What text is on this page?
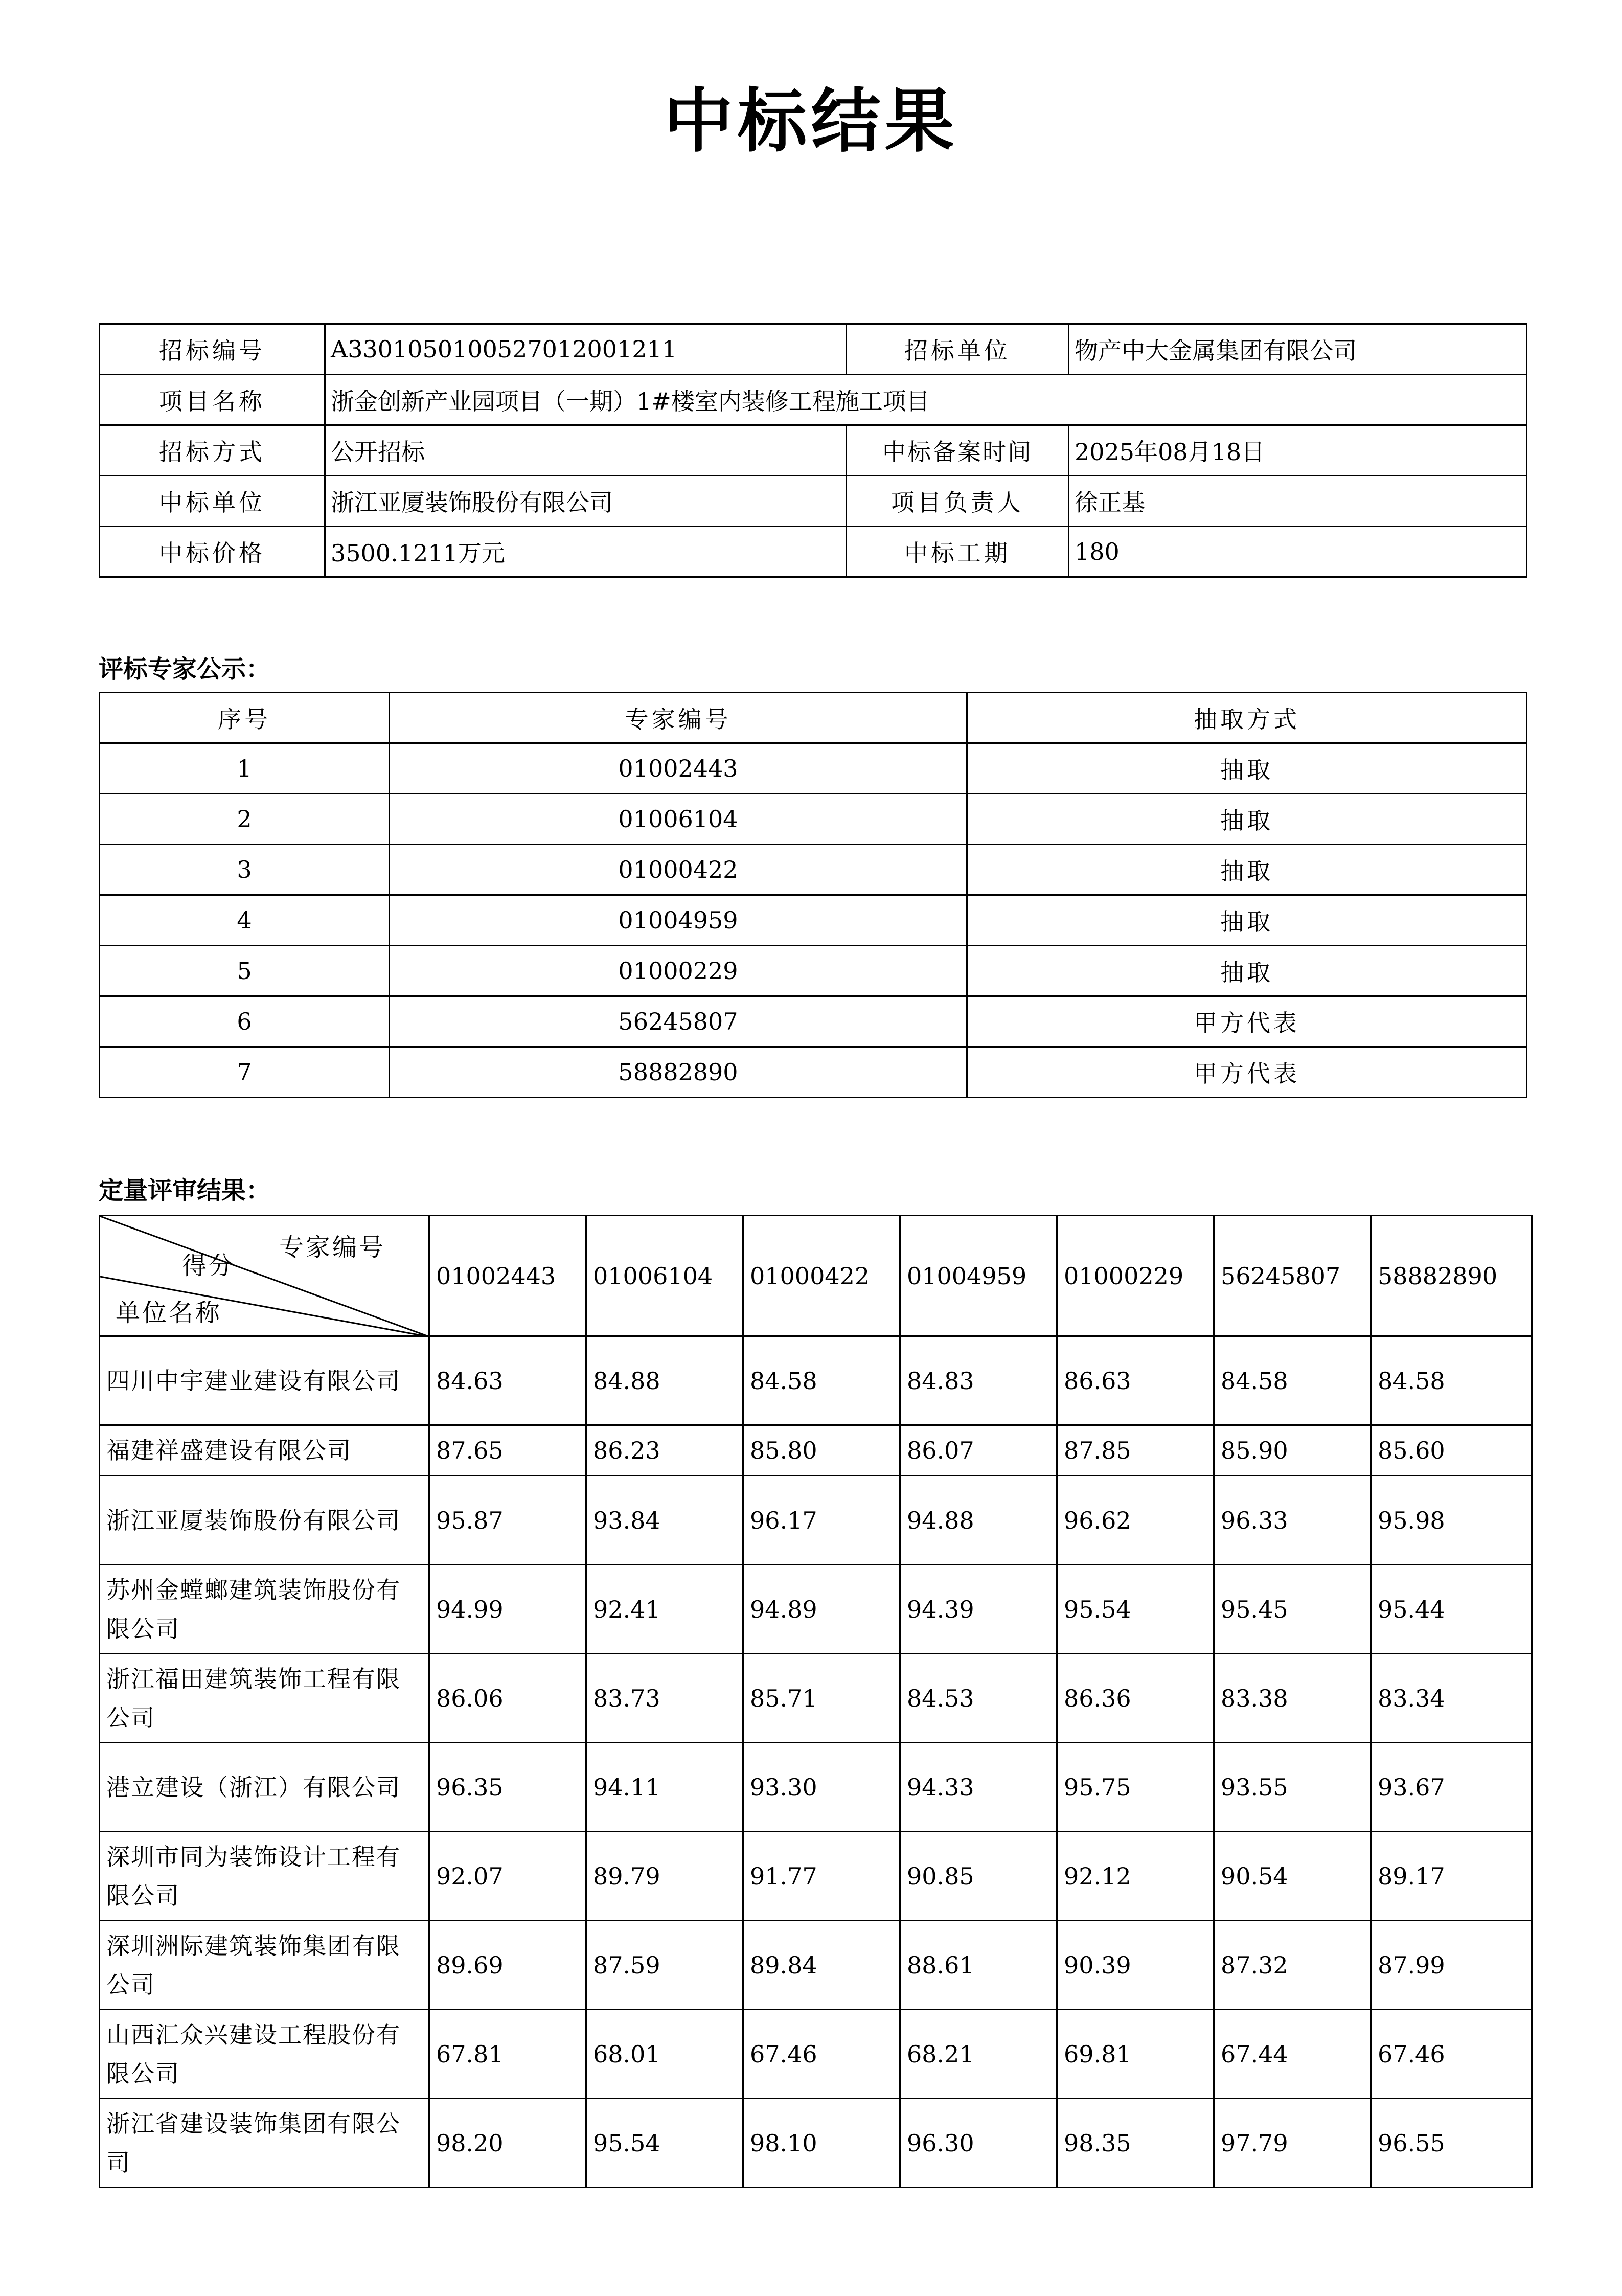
中标结果
招标编号	A3301050100527012001211	招标单位	物产中大金属集团有限公司
项目名称	浙金创新产业园项目（一期）1#楼室内装修工程施工项目		
招标方式	公开招标	中标备案时间	2025年08月18日
中标单位	浙江亚厦装饰股份有限公司	项目负责人	徐正基
中标价格	3500.1211万元	中标工期	180
评标专家公示：
序号	专家编号	抽取方式
1	01002443	抽取
2	01006104	抽取
3	01000422	抽取
4	01004959	抽取
5	01000229	抽取
6	56245807	甲方代表
7	58882890	甲方代表
定量评审结果：
专家编号
得分
单位名称	01002443	01006104	01000422	01004959	01000229	56245807	58882890
四川中宇建业建设有限公司	84.63	84.88	84.58	84.83	86.63	84.58	84.58
福建祥盛建设有限公司	87.65	86.23	85.80	86.07	87.85	85.90	85.60
浙江亚厦装饰股份有限公司	95.87	93.84	96.17	94.88	96.62	96.33	95.98
苏州金螳螂建筑装饰股份有限公司	94.99	92.41	94.89	94.39	95.54	95.45	95.44
浙江福田建筑装饰工程有限公司	86.06	83.73	85.71	84.53	86.36	83.38	83.34
港立建设（浙江）有限公司	96.35	94.11	93.30	94.33	95.75	93.55	93.67
深圳市同为装饰设计工程有限公司	92.07	89.79	91.77	90.85	92.12	90.54	89.17
深圳洲际建筑装饰集团有限公司	89.69	87.59	89.84	88.61	90.39	87.32	87.99
山西汇众兴建设工程股份有限公司	67.81	68.01	67.46	68.21	69.81	67.44	67.46
浙江省建设装饰集团有限公司	98.20	95.54	98.10	96.30	98.35	97.79	96.55
